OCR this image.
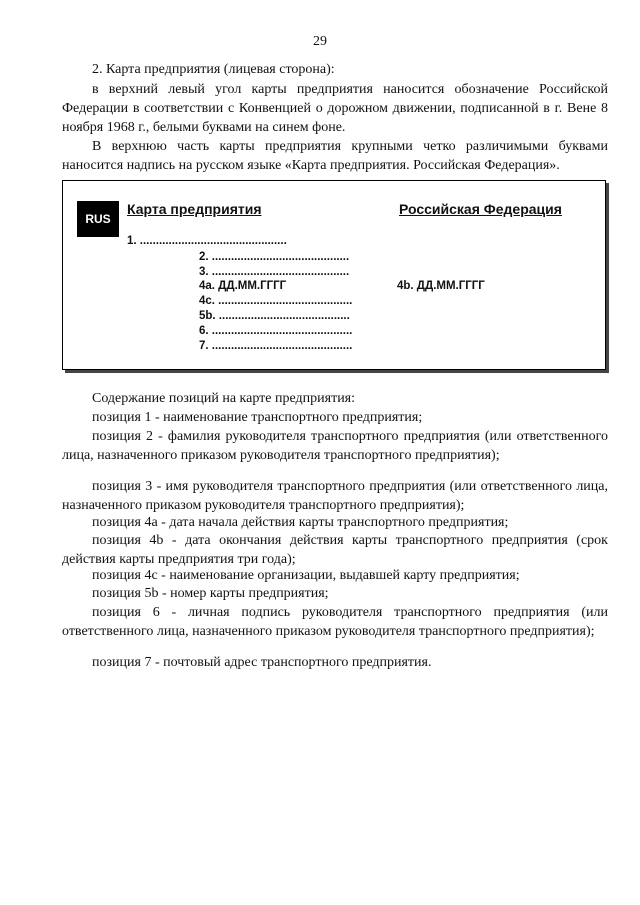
29

2. Карта предприятия (лицевая сторона):

в верхний левый угол карты предприятия наносится обозначение Российской Федерации в соответствии с Конвенцией о дорожном движении, подписанной в г. Вене 8 ноября 1968 г., белыми буквами на синем фоне.

В верхнюю часть карты предприятия крупными четко различимыми буквами наносится надпись на русском языке «Карта предприятия. Российская Федерация».

RUS
Карта предприятия	Российская Федерация
1. ..............................................
2. ...........................................
3. ...........................................
4a. ДД.ММ.ГГГГ	4b. ДД.ММ.ГГГГ
4c. ..........................................
5b. .........................................
6. ............................................
7. ............................................

Содержание позиций на карте предприятия:

позиция 1 - наименование транспортного предприятия;

позиция 2 - фамилия руководителя транспортного предприятия (или ответственного лица, назначенного приказом руководителя транспортного предприятия);

позиция 3 - имя руководителя транспортного предприятия (или ответственного лица, назначенного приказом руководителя транспортного предприятия);

позиция 4a - дата начала действия карты транспортного предприятия;

позиция 4b - дата окончания действия карты транспортного предприятия (срок действия карты предприятия три года);

позиция 4c - наименование организации, выдавшей карту предприятия;

позиция 5b - номер карты предприятия;

позиция 6 - личная подпись руководителя транспортного предприятия (или ответственного лица, назначенного приказом руководителя транспортного предприятия);

позиция 7 - почтовый адрес транспортного предприятия.
